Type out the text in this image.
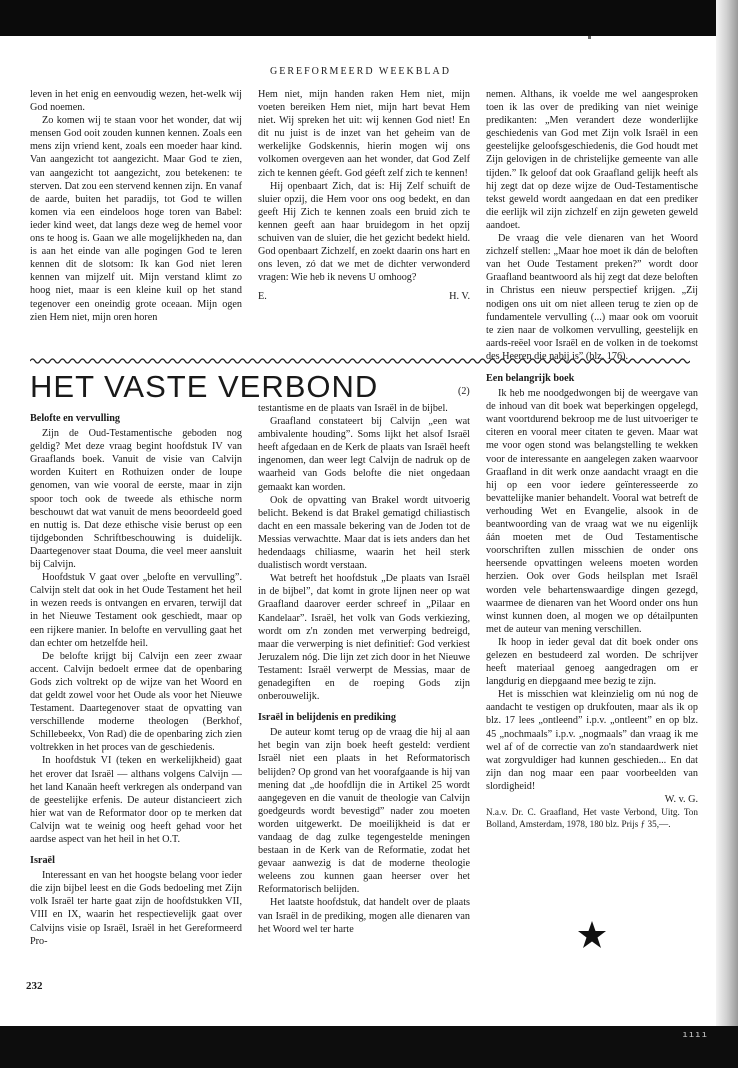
GEREFORMEERD WEEKBLAD

leven in het enig en eenvoudig wezen, het-welk wij God noemen.

Zo komen wij te staan voor het wonder, dat wij mensen God ooit zouden kunnen kennen. Zoals een mens zijn vriend kent, zoals een moeder haar kind. Van aangezicht tot aangezicht. Maar God te zien, van aangezicht tot aangezicht, zou betekenen: te sterven. Dat zou een stervend kennen zijn. En vanaf de aarde, buiten het paradijs, tot God te willen komen via een eindeloos hoge toren van Babel: ieder kind weet, dat langs deze weg de hemel voor ons te hoog is. Gaan we alle mogelijkheden na, dan is aan het einde van alle pogingen God te leren kennen dit de slotsom: Ik kan God niet leren kennen van mijzelf uit. Mijn verstand klimt zo hoog niet, maar is een kleine kuil op het stand tegenover een oneindig grote oceaan. Mijn ogen zien Hem niet, mijn oren horen

Hem niet, mijn handen raken Hem niet, mijn voeten bereiken Hem niet, mijn hart bevat Hem niet. Wij spreken het uit: wij kennen God niet! En dit nu juist is de inzet van het geheim van de werkelijke Godskennis, hierin mogen wij ons volkomen overgeven aan het wonder, dat God Zelf zich te kennen géeft. God géeft zelf zich te kennen!

Hij openbaart Zich, dat is: Hij Zelf schuift de sluier opzij, die Hem voor ons oog bedekt, en dan geeft Hij Zich te kennen zoals een bruid zich te kennen geeft aan haar bruidegom in het opzij schuiven van de sluier, die het gezicht bedekt hield. God openbaart Zichzelf, en zoekt daarin ons hart en ons leven, zó dat we met de dichter verwonderd vragen: Wie heb ik nevens U omhoog?

E.	H. V.

nemen. Althans, ik voelde me wel aangesproken toen ik las over de prediking van niet weinige predikanten: „Men verandert deze wonderlijke geschiedenis van God met Zijn volk Israël in een geestelijke geloofsgeschiedenis, die God houdt met Zijn gelovigen in de christelijke gemeente van alle tijden.” Ik geloof dat ook Graafland gelijk heeft als hij zegt dat op deze wijze de Oud-Testamentische tekst geweld wordt aangedaan en dat een prediker die eerlijk wil zijn zichzelf en zijn geweten geweld aandoet.

De vraag die vele dienaren van het Woord zichzelf stellen: „Maar hoe moet ik dán de beloften van het Oude Testament preken?” wordt door Graafland beantwoord als hij zegt dat deze beloften in Christus een nieuw perspectief krijgen. „Zij nodigen ons uit om niet alleen terug te zien op de fundamentele vervulling (...) maar ook om vooruit te zien naar de volkomen vervulling, geestelijk en aards-reëel voor Israël en de volken in de toekomst des Heeren die nabij is” (blz. 176).

HET VASTE VERBOND	(2)
Belofte en vervulling

Zijn de Oud-Testamentische geboden nog geldig? Met deze vraag begint hoofdstuk IV van Graaflands boek. Vanuit de visie van Calvijn worden Kuitert en Rothuizen onder de loupe genomen, van wie vooral de eerste, maar in zijn spoor toch ook de tweede als ethische norm beschouwt dat wat vanuit de mens beoordeeld goed en nuttig is. Dat deze ethische visie berust op een tijdgebonden Schriftbeschouwing is duidelijk. Daartegenover staat Douma, die veel meer aansluit bij Calvijn.

Hoofdstuk V gaat over „belofte en vervulling”. Calvijn stelt dat ook in het Oude Testament het heil in wezen reeds is ontvangen en ervaren, terwijl dat in het Nieuwe Testament ook geschiedt, maar op een rijkere manier. In belofte en vervulling gaat het dan echter om hetzelfde heil.

De belofte krijgt bij Calvijn een zeer zwaar accent. Calvijn bedoelt ermee dat de openbaring Gods zich voltrekt op de wijze van het Woord en dat geldt zowel voor het Oude als voor het Nieuwe Testament. Daartegenover staat de opvatting van verschillende moderne theologen (Berkhof, Schillebeekx, Von Rad) die de openbaring zich zien voltrekken in het proces van de geschiedenis.

In hoofdstuk VI (teken en werkelijkheid) gaat het erover dat Israël — althans volgens Calvijn — het land Kanaän heeft verkregen als onderpand van de geestelijke erfenis. De auteur distancieert zich hier wat van de Reformator door op te merken dat Calvijn wat te weinig oog heeft gehad voor het aardse aspect van het heil in het O.T.

Israël

Interessant en van het hoogste belang voor ieder die zijn bijbel leest en die Gods bedoeling met Zijn volk Israël ter harte gaat zijn de hoofdstukken VII, VIII en IX, waarin het respectievelijk gaat over Calvijns visie op Israël, Israël in het Gereformeerd Pro-

testantisme en de plaats van Israël in de bijbel.

Graafland constateert bij Calvijn „een wat ambivalente houding”. Soms lijkt het alsof Israël heeft afgedaan en de Kerk de plaats van Israël heeft ingenomen, dan weer legt Calvijn de nadruk op de waarheid van Gods belofte die niet ongedaan gemaakt kan worden.

Ook de opvatting van Brakel wordt uitvoerig belicht. Bekend is dat Brakel gematigd chiliastisch dacht en een massale bekering van de Joden tot de Messias verwachtte. Maar dat is iets anders dan het hedendaags chiliasme, waarin het heil sterk dualistisch wordt verstaan.

Wat betreft het hoofdstuk „De plaats van Israël in de bijbel”, dat komt in grote lijnen neer op wat Graafland daarover eerder schreef in „Pilaar en Kandelaar”. Israël, het volk van Gods verkiezing, wordt om z'n zonden met verwerping bedreigd, maar die verwerping is niet definitief: God verkiest Jeruzalem nóg. Die lijn zet zich door in het Nieuwe Testament: Israël verwerpt de Messias, maar de genadegiften en de roeping Gods zijn onberouwelijk.

Israël in belijdenis en prediking

De auteur komt terug op de vraag die hij al aan het begin van zijn boek heeft gesteld: verdient Israël niet een plaats in het Reformatorisch belijden? Op grond van het voorafgaande is hij van mening dat „de hoofdlijn die in Artikel 25 wordt aangegeven en die vanuit de theologie van Calvijn goedgeurds wordt bevestigd” nader zou moeten worden uitgewerkt. De moeilijkheid is dat er vandaag de dag zulke tegengestelde meningen bestaan in de Kerk van de Reformatie, zodat het gevaar aanwezig is dat de moderne theologie weleens zou kunnen gaan heerser over het Reformatorisch belijden.

Het laatste hoofdstuk, dat handelt over de plaats van Israël in de prediking, mogen alle dienaren van het Woord wel ter harte

Een belangrijk boek

Ik heb me noodgedwongen bij de weergave van de inhoud van dit boek wat beperkingen opgelegd, want voortdurend bekroop me de lust uitvoeriger te citeren en vooral meer citaten te geven. Maar wat me voor ogen stond was belangstelling te wekken voor de interessante en aangelegen zaken waarvoor Graafland in dit werk onze aandacht vraagt en die hij op een voor iedere geïnteresseerde zo bevattelijke manier behandelt. Vooral wat betreft de verhouding Wet en Evangelie, alsook in de beantwoording van de vraag wat we nu eigenlijk áán moeten met de Oud Testamentische voorschriften zullen misschien de onder ons heersende opvattingen weleens moeten worden herzien. Ook over Gods heilsplan met Israël worden vele behartenswaardige dingen gezegd, waarmee de dienaren van het Woord onder ons hun winst kunnen doen, al mogen we op détailpunten met de auteur van mening verschillen.

Ik hoop in ieder geval dat dit boek onder ons gelezen en bestudeerd zal worden. De schrijver heeft materiaal genoeg aangedragen om er langdurig en diepgaand mee bezig te zijn.

Het is misschien wat kleinzielig om nú nog de aandacht te vestigen op drukfouten, maar als ik op blz. 17 lees „ontleend” i.p.v. „ontleent” en op blz. 45 „nochmaals” i.p.v. „nogmaals” dan vraag ik me wel af of de correctie van zo'n standaardwerk niet wat zorgvuldiger had kunnen geschieden... En dat zijn dan nog maar een paar voorbeelden van slordigheid!

W. v. G.

N.a.v. Dr. C. Graafland, Het vaste Verbond, Uitg. Ton Bolland, Amsterdam, 1978, 180 blz. Prijs ƒ 35,—.

232
ıııı
